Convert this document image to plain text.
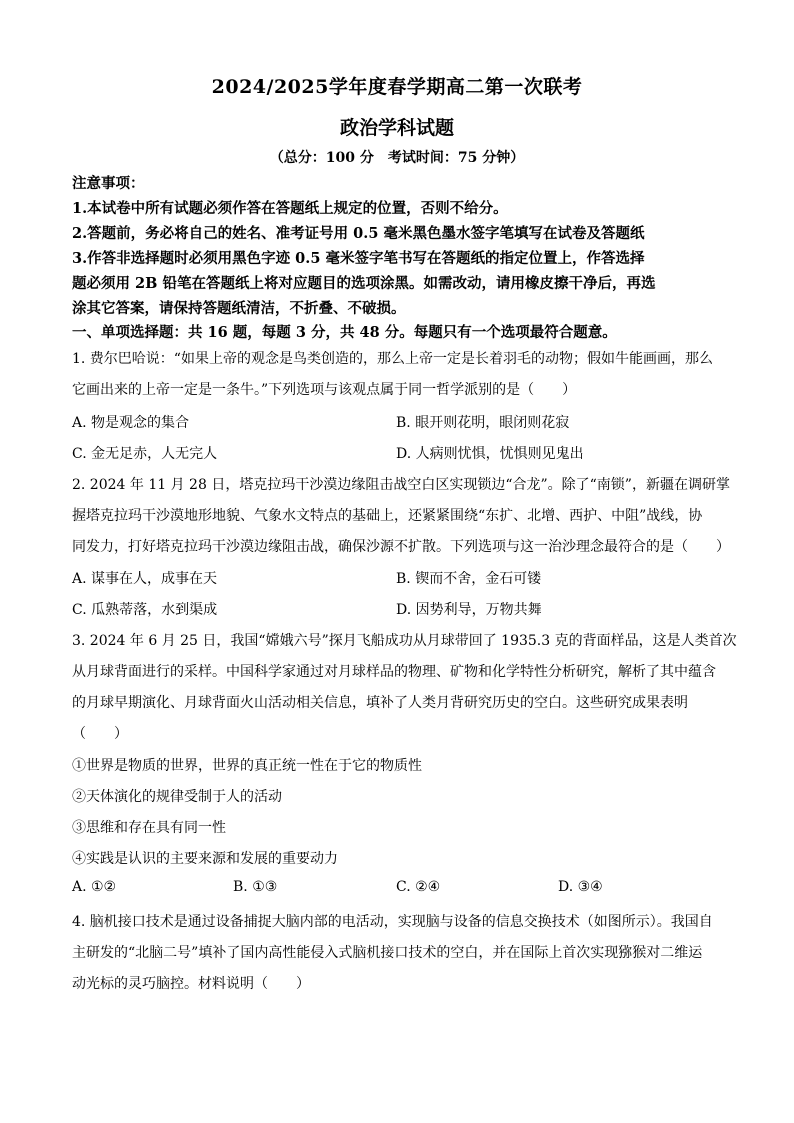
2024/2025学年度春学期高二第一次联考
政治学科试题
（总分：100 分　考试时间：75 分钟）
注意事项：
1.本试卷中所有试题必须作答在答题纸上规定的位置，否则不给分。
2.答题前，务必将自己的姓名、准考证号用 0.5 毫米黑色墨水签字笔填写在试卷及答题纸
3.作答非选择题时必须用黑色字迹 0.5 毫米签字笔书写在答题纸的指定位置上，作答选择
题必须用 2B 铅笔在答题纸上将对应题目的选项涂黑。如需改动，请用橡皮擦干净后，再选
涂其它答案，请保持答题纸清洁，不折叠、不破损。
一、单项选择题：共 16 题，每题 3 分，共 48 分。每题只有一个选项最符合题意。
1. 费尔巴哈说：“如果上帝的观念是鸟类创造的，那么上帝一定是长着羽毛的动物；假如牛能画画，那么
它画出来的上帝一定是一条牛。”下列选项与该观点属于同一哲学派别的是（　　）
A. 物是观念的集合	B. 眼开则花明，眼闭则花寂
C. 金无足赤，人无完人	D. 人病则忧惧，忧惧则见鬼出
2. 2024 年 11 月 28 日，塔克拉玛干沙漠边缘阻击战空白区实现锁边“合龙”。除了“南锁”，新疆在调研掌
握塔克拉玛干沙漠地形地貌、气象水文特点的基础上，还紧紧围绕“东扩、北增、西护、中阻”战线，协
同发力，打好塔克拉玛干沙漠边缘阻击战，确保沙源不扩散。下列选项与这一治沙理念最符合的是（　　）
A. 谋事在人，成事在天	B. 锲而不舍，金石可镂
C. 瓜熟蒂落，水到渠成	D. 因势利导，万物共舞
3. 2024 年 6 月 25 日，我国“嫦娥六号”探月飞船成功从月球带回了 1935.3 克的背面样品，这是人类首次
从月球背面进行的采样。中国科学家通过对月球样品的物理、矿物和化学特性分析研究，解析了其中蕴含
的月球早期演化、月球背面火山活动相关信息，填补了人类月背研究历史的空白。这些研究成果表明
（　　）
①世界是物质的世界，世界的真正统一性在于它的物质性
②天体演化的规律受制于人的活动
③思维和存在具有同一性
④实践是认识的主要来源和发展的重要动力
A. ①②	B. ①③	C. ②④	D. ③④
4. 脑机接口技术是通过设备捕捉大脑内部的电活动，实现脑与设备的信息交换技术（如图所示）。我国自
主研发的“北脑二号”填补了国内高性能侵入式脑机接口技术的空白，并在国际上首次实现猕猴对二维运
动光标的灵巧脑控。材料说明（　　）
